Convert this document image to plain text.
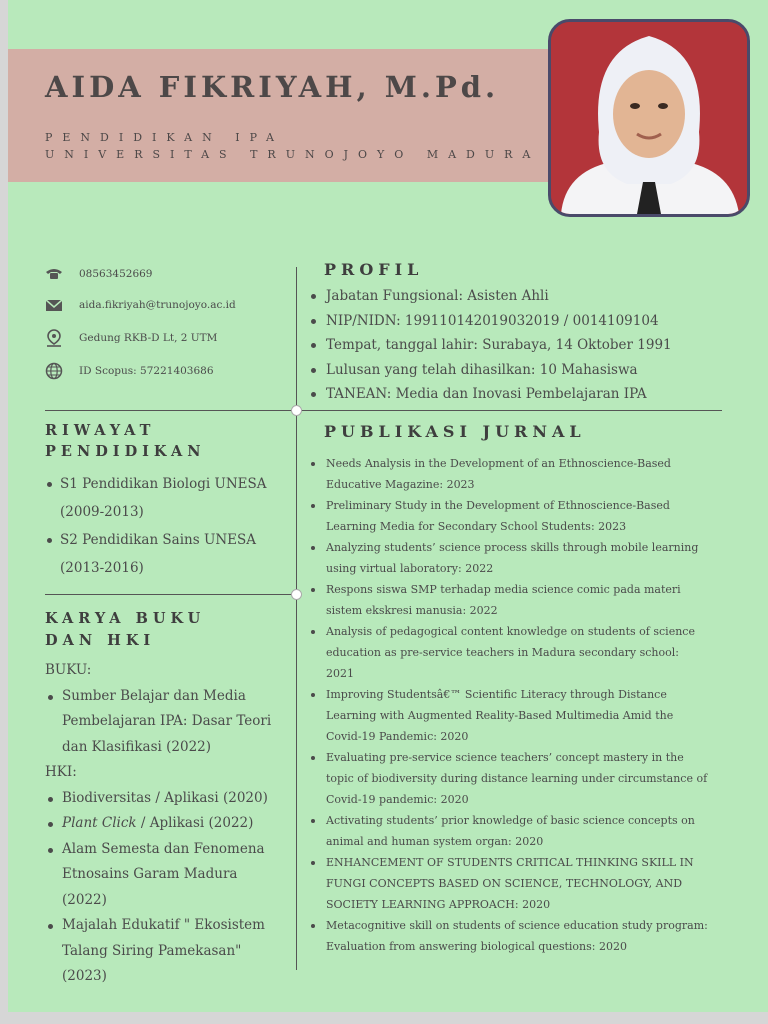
AIDA FIKRIYAH, M.Pd.
PENDIDIKAN IPA
UNIVERSITAS TRUNOJOYO MADURA
08563452669
aida.fikriyah@trunojoyo.ac.id
Gedung RKB-D Lt, 2 UTM
ID Scopus: 57221403686
PROFIL
Jabatan Fungsional: Asisten Ahli
NIP/NIDN: 199110142019032019 / 0014109104
Tempat, tanggal lahir: Surabaya, 14 Oktober 1991
Lulusan yang telah dihasilkan: 10 Mahasiswa
TANEAN: Media dan Inovasi Pembelajaran IPA
RIWAYAT
PENDIDIKAN
S1 Pendidikan Biologi UNESA (2009-2013)
S2 Pendidikan Sains UNESA (2013-2016)
KARYA BUKU
DAN HKI
BUKU:
Sumber Belajar dan Media Pembelajaran IPA: Dasar Teori dan Klasifikasi (2022)
HKI:
Biodiversitas / Aplikasi (2020)
Plant Click / Aplikasi (2022)
Alam Semesta dan Fenomena Etnosains Garam Madura (2022)
Majalah Edukatif " Ekosistem Talang Siring Pamekasan" (2023)
PUBLIKASI JURNAL
Needs Analysis in the Development of an Ethnoscience-Based Educative Magazine: 2023
Preliminary Study in the Development of Ethnoscience-Based Learning Media for Secondary School Students: 2023
Analyzing students’ science process skills through mobile learning using virtual laboratory: 2022
Respons siswa SMP terhadap media science comic pada materi sistem ekskresi manusia: 2022
Analysis of pedagogical content knowledge on students of science education as pre-service teachers in Madura secondary school: 2021
Improving Studentsâ€™ Scientific Literacy through Distance Learning with Augmented Reality-Based Multimedia Amid the Covid-19 Pandemic: 2020
Evaluating pre-service science teachers’ concept mastery in the topic of biodiversity during distance learning under circumstance of Covid-19 pandemic: 2020
Activating students’ prior knowledge of basic science concepts on animal and human system organ: 2020
ENHANCEMENT OF STUDENTS CRITICAL THINKING SKILL IN FUNGI CONCEPTS BASED ON SCIENCE, TECHNOLOGY, AND SOCIETY LEARNING APPROACH: 2020
Metacognitive skill on students of science education study program: Evaluation from answering biological questions: 2020
